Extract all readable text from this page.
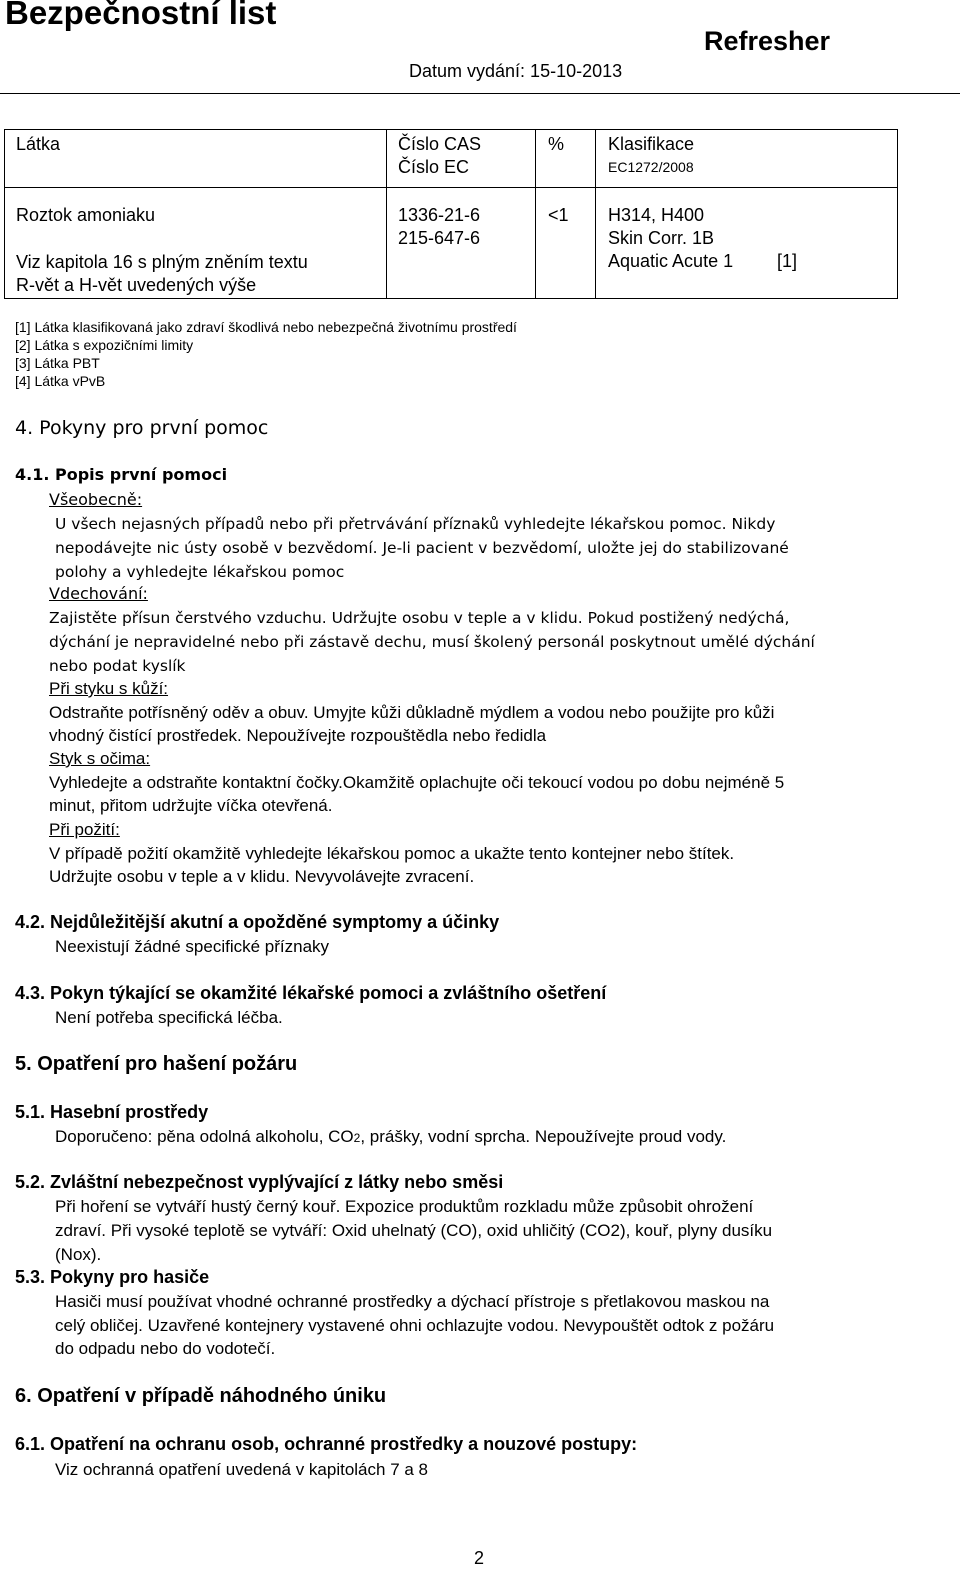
Bezpečnostní list
Refresher
Datum vydání: 15-10-2013
Látka	Číslo CAS
Číslo EC
% Klasifikace
EC1272/2008
Roztok amoniaku
Viz kapitola 16 s plným zněním textu
R-vět a H-vět uvedených výše
1336-21-6
215-647-6
<1 H314, H400
Skin Corr. 1B
Aquatic Acute 1 [1]
[1] Látka klasifikovaná jako zdraví škodlivá nebo nebezpečná životnímu prostředí
[2] Látka s expozičními limity
[3] Látka PBT
[4] Látka vPvB
4. Pokyny pro první pomoc
4.1. Popis první pomoci
Všeobecně:
U všech nejasných případů nebo při přetrvávání příznaků vyhledejte lékařskou pomoc. Nikdy
nepodávejte nic ústy osobě v bezvědomí. Je-li pacient v bezvědomí, uložte jej do stabilizované
polohy a vyhledejte lékařskou pomoc
Vdechování:
Zajistěte přísun čerstvého vzduchu. Udržujte osobu v teple a v klidu. Pokud postižený nedýchá,
dýchání je nepravidelné nebo při zástavě dechu, musí školený personál poskytnout umělé dýchání
nebo podat kyslík
Při styku s kůží:
Odstraňte potřísněný oděv a obuv. Umyjte kůži důkladně mýdlem a vodou nebo použijte pro kůži
vhodný čistící prostředek. Nepoužívejte rozpouštědla nebo ředidla
Styk s očima:
Vyhledejte a odstraňte kontaktní čočky.Okamžitě oplachujte oči tekoucí vodou po dobu nejméně 5
minut, přitom udržujte víčka otevřená.
Při požití:
V případě požití okamžitě vyhledejte lékařskou pomoc a ukažte tento kontejner nebo štítek.
Udržujte osobu v teple a v klidu. Nevyvolávejte zvracení.
4.2. Nejdůležitější akutní a opožděné symptomy a účinky
Neexistují žádné specifické příznaky
4.3. Pokyn týkající se okamžité lékařské pomoci a zvláštního ošetření
Není potřeba specifická léčba.
5. Opatření pro hašení požáru
5.1. Hasební prostředy
Doporučeno: pěna odolná alkoholu, CO2, prášky, vodní sprcha. Nepoužívejte proud vody.
5.2. Zvláštní nebezpečnost vyplývající z látky nebo směsi
Při hoření se vytváří hustý černý kouř. Expozice produktům rozkladu může způsobit ohrožení
zdraví. Při vysoké teplotě se vytváří: Oxid uhelnatý (CO), oxid uhličitý (CO2), kouř, plyny dusíku
(Nox).
5.3. Pokyny pro hasiče
Hasiči musí používat vhodné ochranné prostředky a dýchací přístroje s přetlakovou maskou na
celý obličej. Uzavřené kontejnery vystavené ohni ochlazujte vodou. Nevypouštět odtok z požáru
do odpadu nebo do vodotečí.
6. Opatření v případě náhodného úniku
6.1. Opatření na ochranu osob, ochranné prostředky a nouzové postupy:
Viz ochranná opatření uvedená v kapitolách 7 a 8
2
